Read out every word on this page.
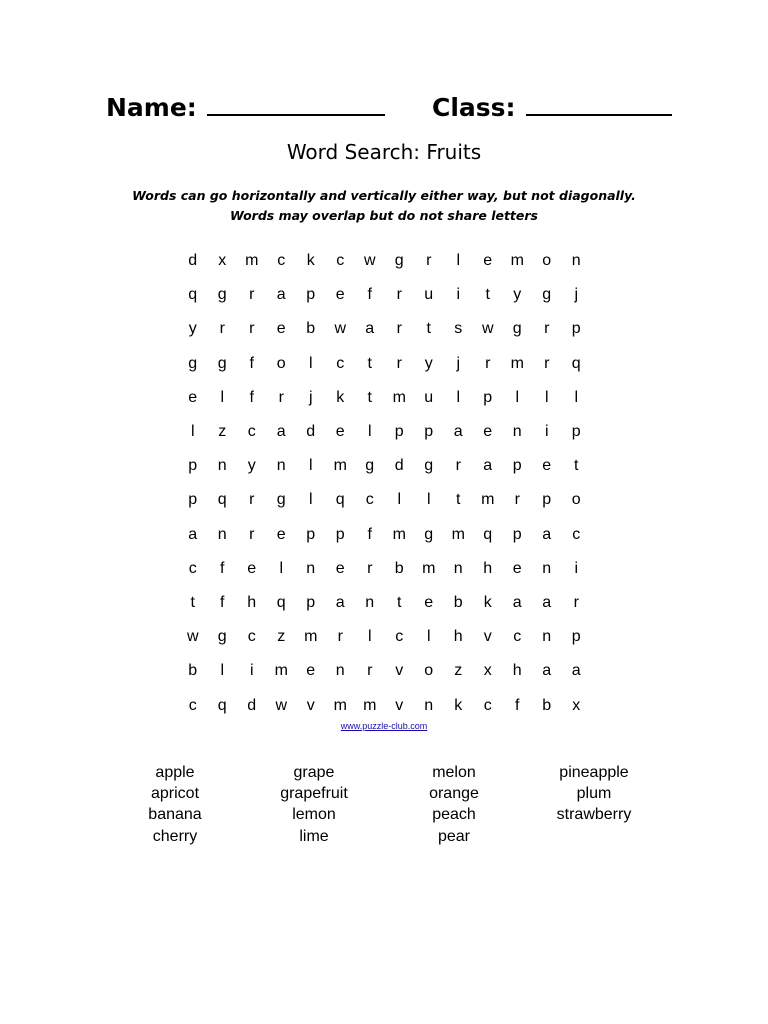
Name:	Class:
Word Search: Fruits
Words can go horizontally and vertically either way, but not diagonally.
Words may overlap but do not share letters
d	x	m	c	k	c	w	g	r	l	e	m	o	n
q	g	r	a	p	e	f	r	u	i	t	y	g	j
y	r	r	e	b	w	a	r	t	s	w	g	r	p
g	g	f	o	l	c	t	r	y	j	r	m	r	q
e	l	f	r	j	k	t	m	u	l	p	l	l	l
l	z	c	a	d	e	l	p	p	a	e	n	i	p
p	n	y	n	l	m	g	d	g	r	a	p	e	t
p	q	r	g	l	q	c	l	l	t	m	r	p	o
a	n	r	e	p	p	f	m	g	m	q	p	a	c
c	f	e	l	n	e	r	b	m	n	h	e	n	i
t	f	h	q	p	a	n	t	e	b	k	a	a	r
w	g	c	z	m	r	l	c	l	h	v	c	n	p
b	l	i	m	e	n	r	v	o	z	x	h	a	a
c	q	d	w	v	m	m	v	n	k	c	f	b	x
www.puzzle-club.com
apple
apricot
banana
cherry
grape
grapefruit
lemon
lime
melon
orange
peach
pear
pineapple
plum
strawberry
